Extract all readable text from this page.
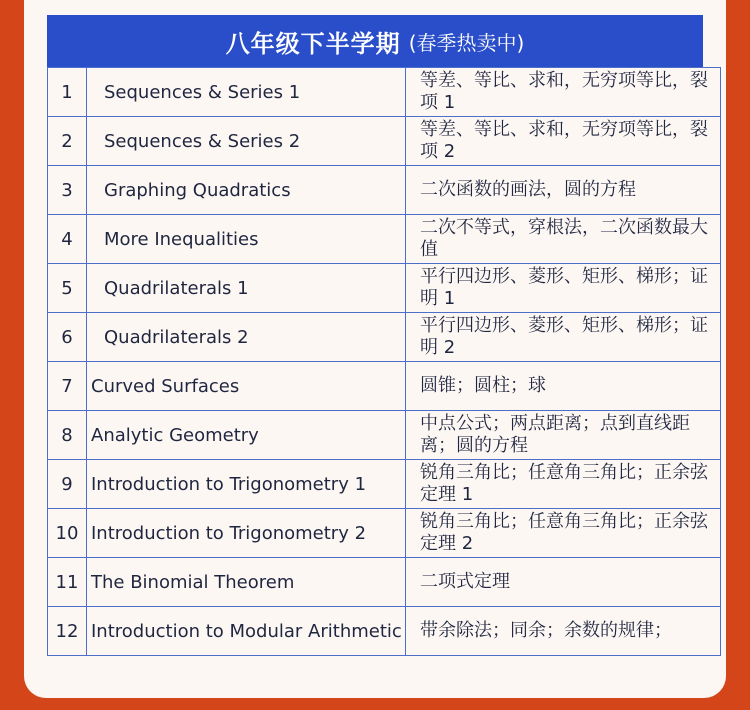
八年级下半学期 (春季热卖中)
1	Sequences & Series 1	等差、等比、求和，无穷项等比，裂项 1
2	Sequences & Series 2	等差、等比、求和，无穷项等比，裂项 2
3	Graphing Quadratics	二次函数的画法，圆的方程
4	More Inequalities	二次不等式，穿根法，二次函数最大值
5	Quadrilaterals 1	平行四边形、菱形、矩形、梯形；证明 1
6	Quadrilaterals 2	平行四边形、菱形、矩形、梯形；证明 2
7	Curved Surfaces	圆锥；圆柱；球
8	Analytic Geometry	中点公式；两点距离；点到直线距离；圆的方程
9	Introduction to Trigonometry 1	锐角三角比；任意角三角比；正余弦定理 1
10	Introduction to Trigonometry 2	锐角三角比；任意角三角比；正余弦定理 2
11	The Binomial Theorem	二项式定理
12	Introduction to Modular Arithmetic	带余除法；同余；余数的规律；
